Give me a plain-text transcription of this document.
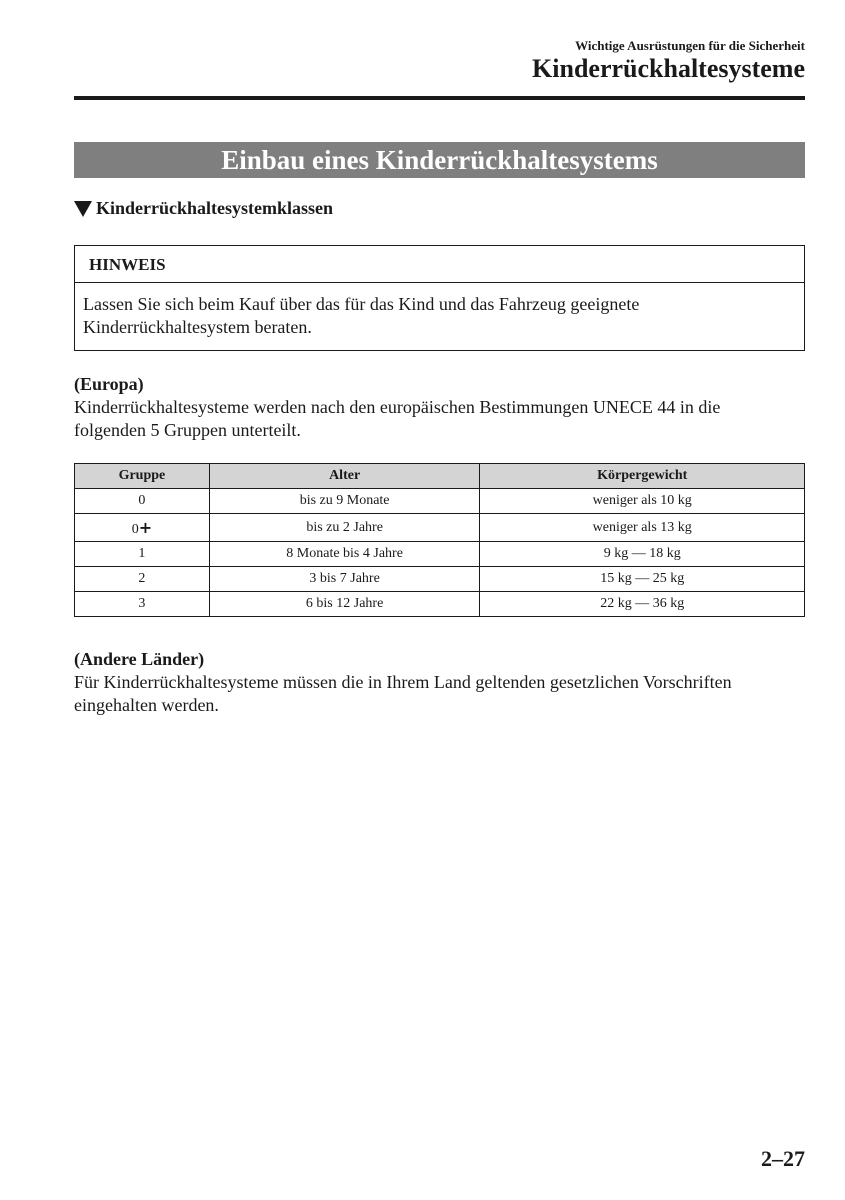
Wichtige Ausrüstungen für die Sicherheit
Kinderrückhaltesysteme
Einbau eines Kinderrückhaltesystems
Kinderrückhaltesystemklassen
HINWEIS
Lassen Sie sich beim Kauf über das für das Kind und das Fahrzeug geeignete
Kinderrückhaltesystem beraten.
(Europa)
Kinderrückhaltesysteme werden nach den europäischen Bestimmungen UNECE 44 in die
folgenden 5 Gruppen unterteilt.
Gruppe	Alter	Körpergewicht
0	bis zu 9 Monate	weniger als 10 kg
0+	bis zu 2 Jahre	weniger als 13 kg
1	8 Monate bis 4 Jahre	9 kg — 18 kg
2	3 bis 7 Jahre	15 kg — 25 kg
3	6 bis 12 Jahre	22 kg — 36 kg
(Andere Länder)
Für Kinderrückhaltesysteme müssen die in Ihrem Land geltenden gesetzlichen Vorschriften
eingehalten werden.
2–27
